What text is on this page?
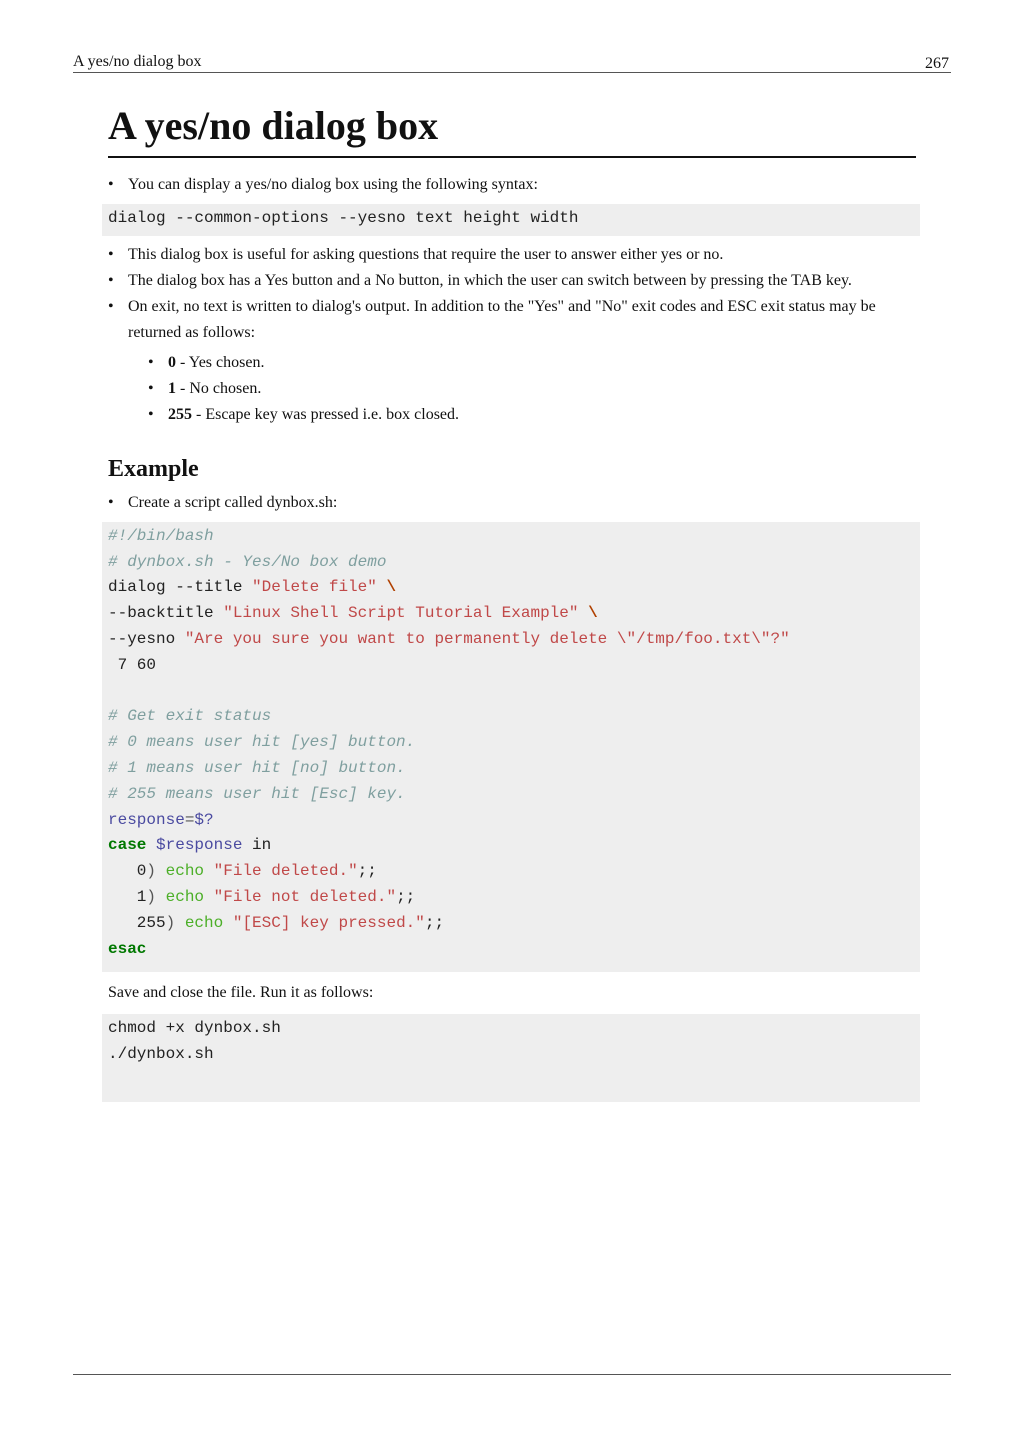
A yes/no dialog box	267
A yes/no dialog box
• You can display a yes/no dialog box using the following syntax:
dialog --common-options --yesno text height width
• This dialog box is useful for asking questions that require the user to answer either yes or no.
• The dialog box has a Yes button and a No button, in which the user can switch between by pressing the TAB key.
• On exit, no text is written to dialog's output. In addition to the "Yes" and "No" exit codes and ESC exit status may be returned as follows:
• 0 - Yes chosen.
• 1 - No chosen.
• 255 - Escape key was pressed i.e. box closed.
Example
• Create a script called dynbox.sh:
#!/bin/bash
# dynbox.sh - Yes/No box demo
dialog --title "Delete file" \
--backtitle "Linux Shell Script Tutorial Example" \
--yesno "Are you sure you want to permanently delete \"/tmp/foo.txt\"?"
7 60
# Get exit status
# 0 means user hit [yes] button.
# 1 means user hit [no] button.
# 255 means user hit [Esc] key.
response=$?
case $response in
0) echo "File deleted.";;
1) echo "File not deleted.";;
255) echo "[ESC] key pressed.";;
esac

Save and close the file. Run it as follows:

chmod +x dynbox.sh
./dynbox.sh
